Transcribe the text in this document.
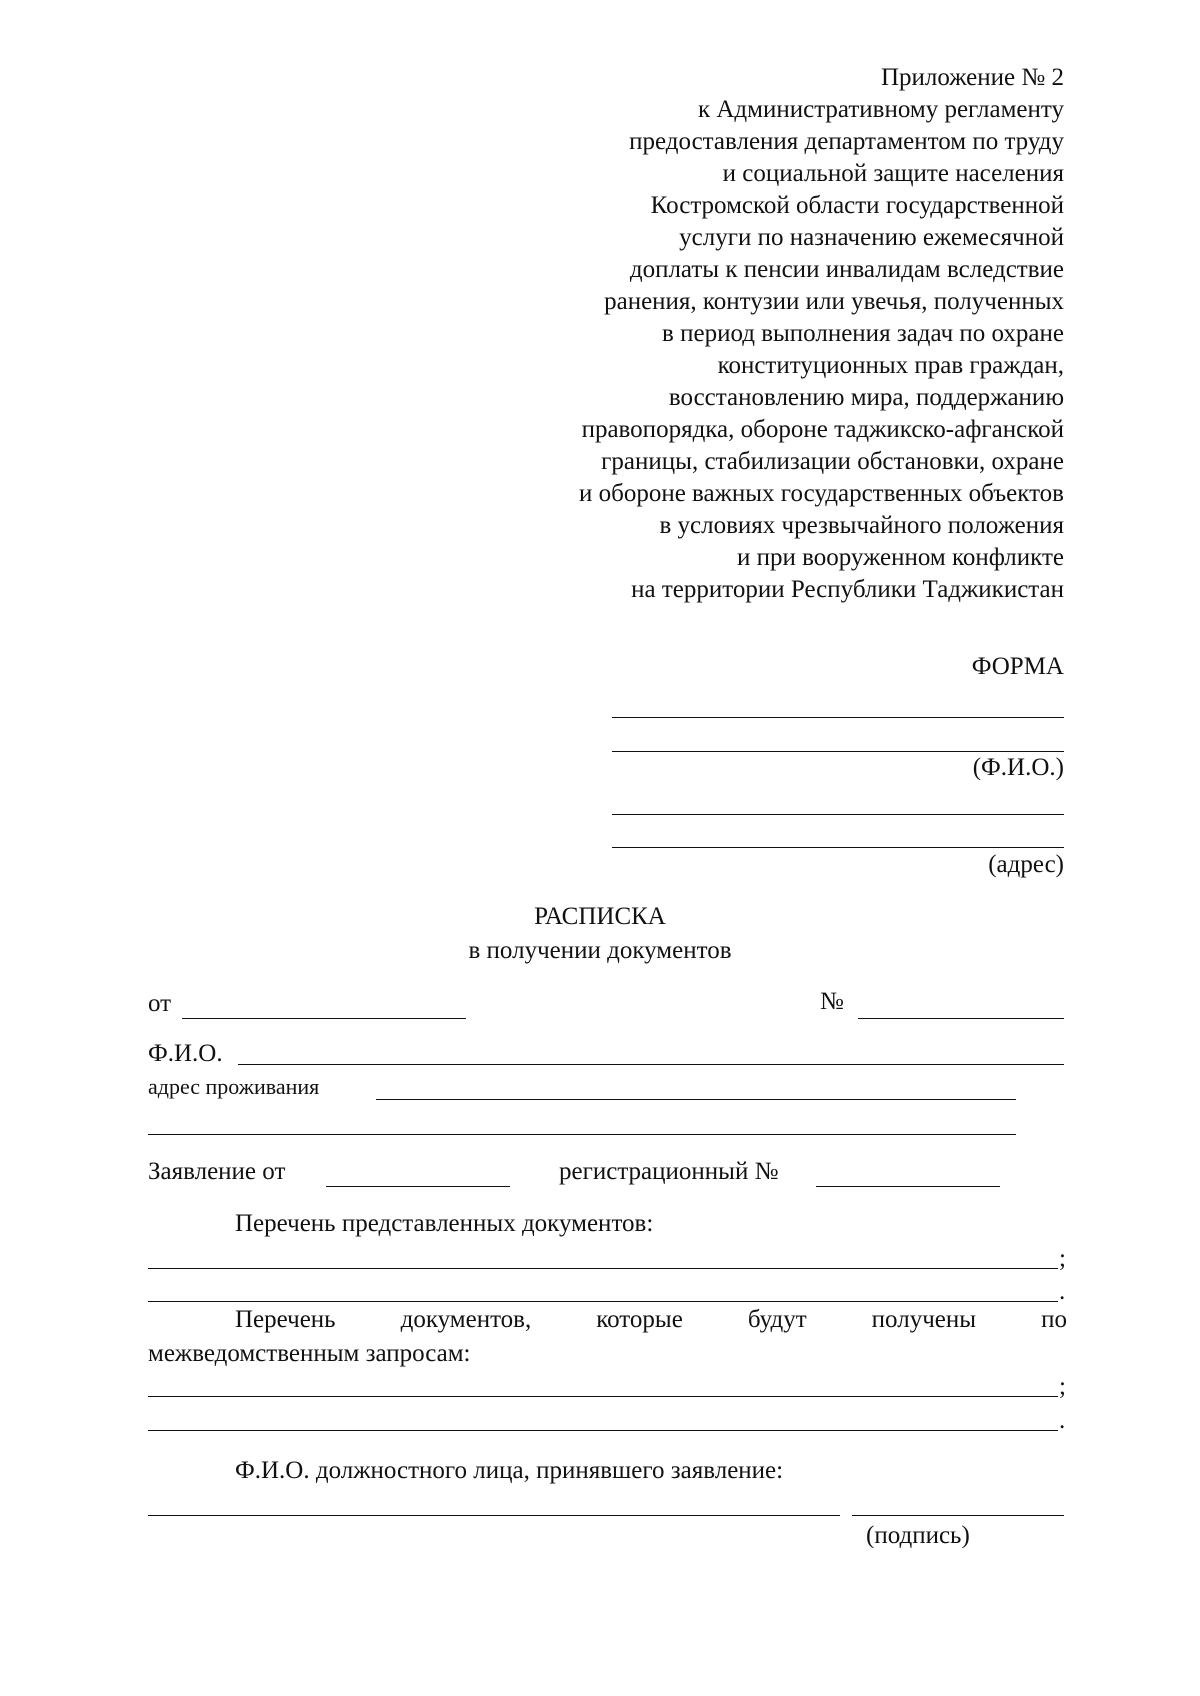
Приложение № 2
к Административному регламенту
предоставления департаментом по труду
и социальной защите населения
Костромской области государственной
услуги по назначению ежемесячной
доплаты к пенсии инвалидам вследствие
ранения, контузии или увечья, полученных
в период выполнения задач по охране
конституционных прав граждан,
восстановлению мира, поддержанию
правопорядка, обороне таджикско-афганской
границы, стабилизации обстановки, охране
и обороне важных государственных объектов
в условиях чрезвычайного положения
и при вооруженном конфликте
на территории Республики Таджикистан
ФОРМА
(Ф.И.О.)
(адрес)
РАСПИСКА
в получении документов
от	№
Ф.И.О.
адрес проживания
Заявление от	регистрационный №
Перечень представленных документов:
;
.
Перечень	документов,	которые	будут	получены	по
межведомственным запросам:
;
.
Ф.И.О. должностного лица, принявшего заявление:
(подпись)
